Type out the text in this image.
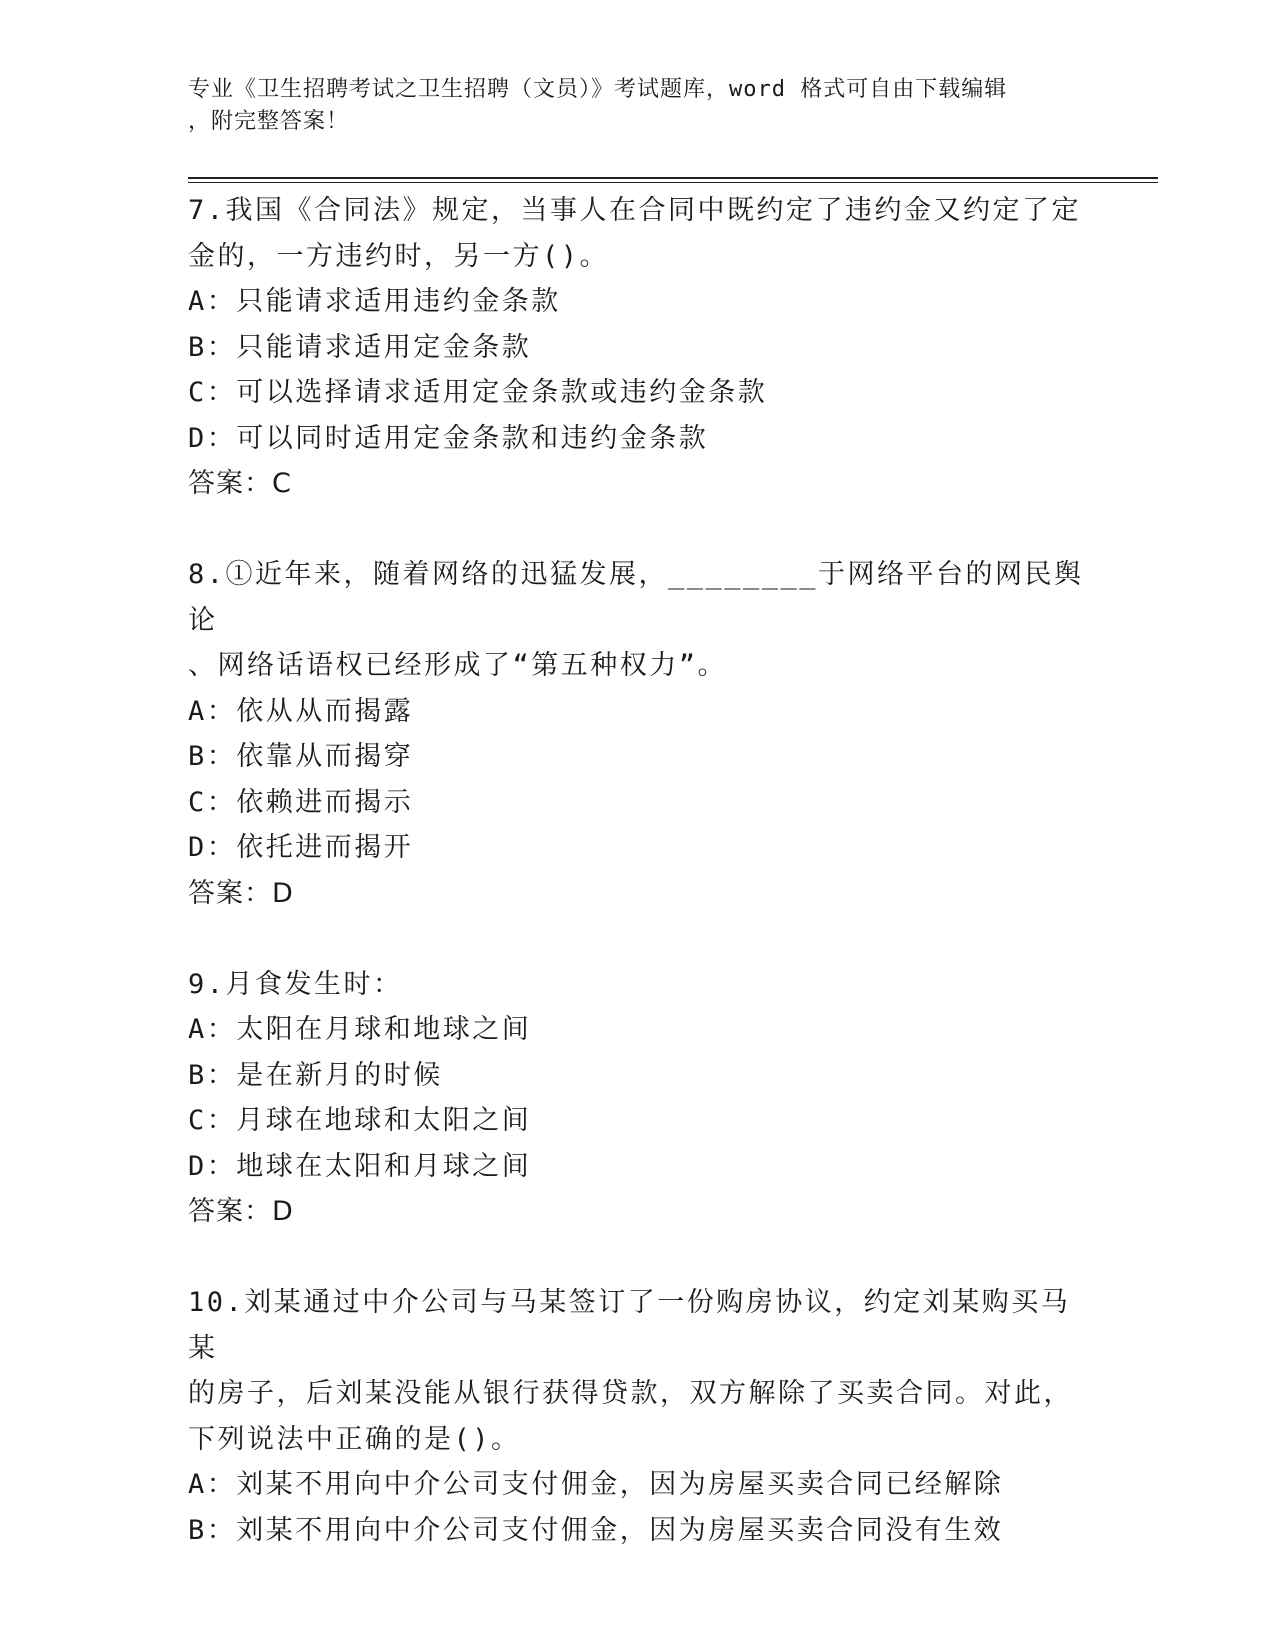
专业《卫生招聘考试之卫生招聘（文员）》考试题库，word 格式可自由下载编辑
，附完整答案！

7.我国《合同法》规定，当事人在合同中既约定了违约金又约定了定

金的，一方违约时，另一方()。

A：只能请求适用违约金条款

B：只能请求适用定金条款

C：可以选择请求适用定金条款或违约金条款

D：可以同时适用定金条款和违约金条款

答案：C

8.①近年来，随着网络的迅猛发展，________于网络平台的网民舆论

、网络话语权已经形成了“第五种权力”。

A：依从从而揭露

B：依靠从而揭穿

C：依赖进而揭示

D：依托进而揭开

答案：D

9.月食发生时：

A：太阳在月球和地球之间

B：是在新月的时候

C：月球在地球和太阳之间

D：地球在太阳和月球之间

答案：D

10.刘某通过中介公司与马某签订了一份购房协议，约定刘某购买马某

的房子，后刘某没能从银行获得贷款，双方解除了买卖合同。对此，

下列说法中正确的是()。

A：刘某不用向中介公司支付佣金，因为房屋买卖合同已经解除

B：刘某不用向中介公司支付佣金，因为房屋买卖合同没有生效
